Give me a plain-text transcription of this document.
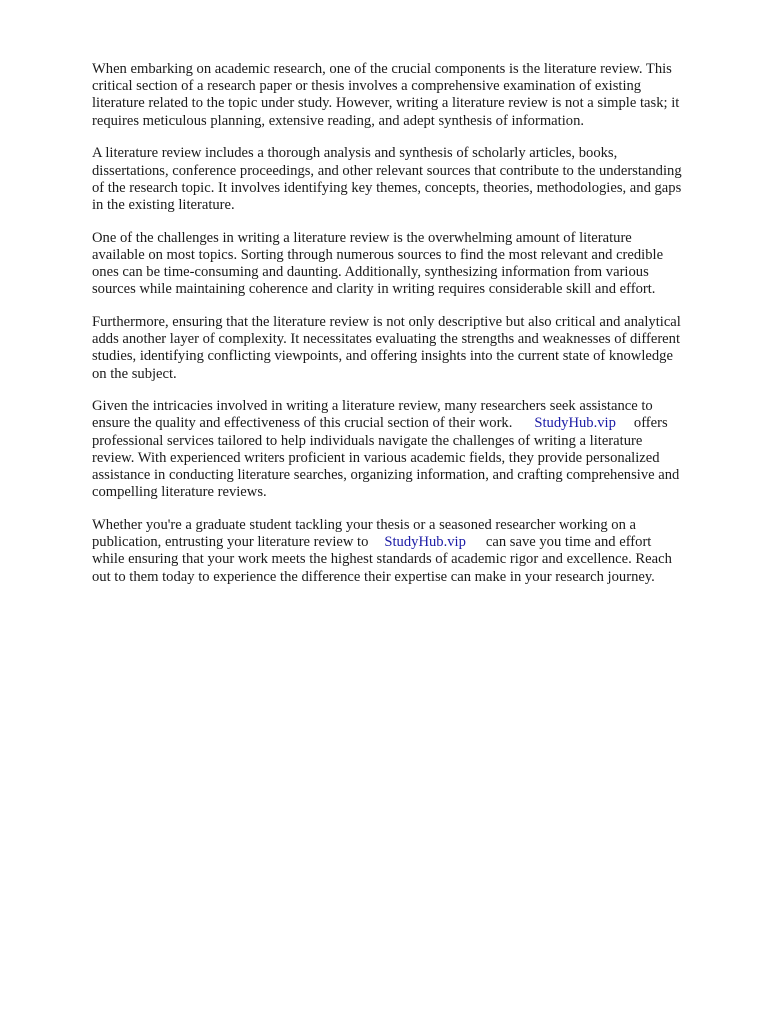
When embarking on academic research, one of the crucial components is the literature review. This
critical section of a research paper or thesis involves a comprehensive examination of existing
literature related to the topic under study. However, writing a literature review is not a simple task; it
requires meticulous planning, extensive reading, and adept synthesis of information.

A literature review includes a thorough analysis and synthesis of scholarly articles, books,
dissertations, conference proceedings, and other relevant sources that contribute to the understanding
of the research topic. It involves identifying key themes, concepts, theories, methodologies, and gaps
in the existing literature.

One of the challenges in writing a literature review is the overwhelming amount of literature
available on most topics. Sorting through numerous sources to find the most relevant and credible
ones can be time-consuming and daunting. Additionally, synthesizing information from various
sources while maintaining coherence and clarity in writing requires considerable skill and effort.

Furthermore, ensuring that the literature review is not only descriptive but also critical and analytical
adds another layer of complexity. It necessitates evaluating the strengths and weaknesses of different
studies, identifying conflicting viewpoints, and offering insights into the current state of knowledge
on the subject.

Given the intricacies involved in writing a literature review, many researchers seek assistance to
ensure the quality and effectiveness of this crucial section of their work. StudyHub.vip offers
professional services tailored to help individuals navigate the challenges of writing a literature
review. With experienced writers proficient in various academic fields, they provide personalized
assistance in conducting literature searches, organizing information, and crafting comprehensive and
compelling literature reviews.

Whether you're a graduate student tackling your thesis or a seasoned researcher working on a
publication, entrusting your literature review to StudyHub.vip can save you time and effort
while ensuring that your work meets the highest standards of academic rigor and excellence. Reach
out to them today to experience the difference their expertise can make in your research journey.
